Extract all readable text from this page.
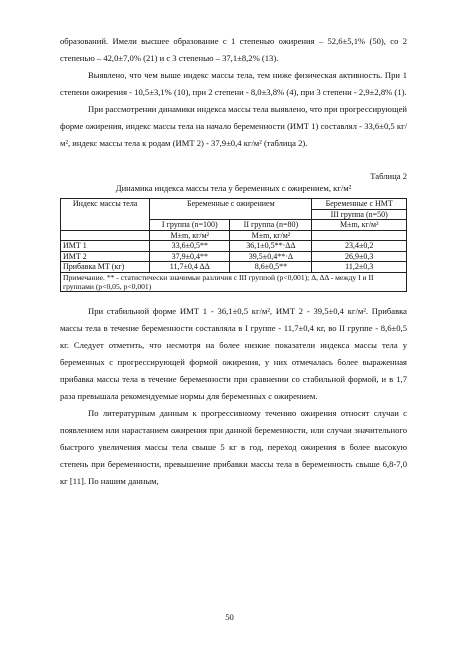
образований. Имели высшее образование с 1 степенью ожирения – 52,6±5,1% (50), со 2 степенью – 42,0±7,0% (21) и с 3 степенью – 37,1±8,2% (13).

Выявлено, что чем выше индекс массы тела, тем ниже физическая активность. При 1 степени ожирения - 10,5±3,1% (10), при 2 степени - 8,0±3,8% (4), при 3 степени - 2,9±2,8% (1).

При рассмотрении динамики индекса массы тела выявлено, что при прогрессирующей форме ожирения, индекс массы тела на начало беременности (ИМТ 1) составлял - 33,6±0,5 кг/м², индекс массы тела к родам (ИМТ 2) - 37,9±0,4 кг/м² (таблица 2).

Таблица 2
Динамика индекса массы тела у беременных с ожирением, кг/м²
Индекс массы тела	Беременные с ожирением		Беременные с НМТ
			III группа (n=50)
	I группа (n=100)	II группа (n=80)	M±m, кг/м²
	M±m, кг/м²	M±m, кг/м²	
ИМТ 1	33,6±0,5**	36,1±0,5**·ΔΔ	23,4±0,2
ИМТ 2	37,9±0,4**	39,5±0,4**·Δ	26,9±0,3
Прибавка МТ (кг)	11,7±0,4 ΔΔ	8,6±0,5**	11,2±0,3
Примечание. ** - статистически значимые различия с III группой (p<0,001); Δ, ΔΔ - между I и II группами (p<0,05, p<0,001)			

При стабильной форме ИМТ 1 - 36,1±0,5 кг/м², ИМТ 2 - 39,5±0,4 кг/м². Прибавка массы тела в течение беременности составляла в I группе - 11,7±0,4 кг, во II группе - 8,6±0,5 кг. Следует отметить, что несмотря на более низкие показатели индекса массы тела у беременных с прогрессирующей формой ожирения, у них отмечалась более выраженная прибавка массы тела в течение беременности при сравнении со стабильной формой, и в 1,7 раза превышала рекомендуемые нормы для беременных с ожирением.

По литературным данным к прогрессивному течению ожирения относят случаи с появлением или нарастанием ожирения при данной беременности, или случаи значительного быстрого увеличения массы тела свыше 5 кг в год, переход ожирения в более высокую степень при беременности, превышение прибавки массы тела в беременность свыше 6,8-7,0 кг [11]. По нашим данным,

50
